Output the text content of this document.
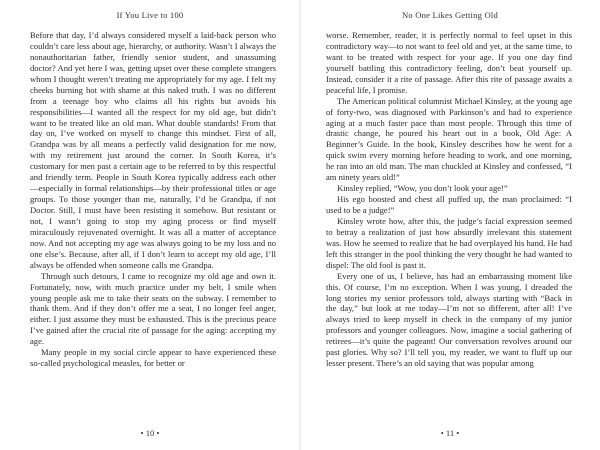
If You Live to 100

Before that day, I’d always considered myself a laid-back person who couldn’t care less about age, hierarchy, or authority. Wasn’t I always the nonauthoritarian father, friendly senior student, and unassuming doctor? And yet here I was, getting upset over these complete strangers whom I thought weren’t treating me appropriately for my age. I felt my cheeks burning hot with shame at this naked truth. I was no different from a teenage boy who claims all his rights but avoids his responsibilities—I wanted all the respect for my old age, but didn’t want to be treated like an old man. What double standards! From that day on, I’ve worked on myself to change this mindset. First of all, Grandpa was by all means a perfectly valid designation for me now, with my retirement just around the corner. In South Korea, it’s customary for men past a certain age to be referred to by this respectful and friendly term. People in South Korea typically address each other—especially in formal relationships—by their professional titles or age groups. To those younger than me, naturally, I’d be Grandpa, if not Doctor. Still, I must have been resisting it somehow. But resistant or not, I wasn’t going to stop my aging process or find myself miraculously rejuvenated overnight. It was all a matter of acceptance now. And not accepting my age was always going to be my loss and no one else’s. Because, after all, if I don’t learn to accept my old age, I’ll always be offended when someone calls me Grandpa.

Through such detours, I came to recognize my old age and own it. Fortunately, now, with much practice under my belt, I smile when young people ask me to take their seats on the subway. I remember to thank them. And if they don’t offer me a seat, I no longer feel anger, either. I just assume they must be exhausted. This is the precious peace I’ve gained after the crucial rite of passage for the aging: accepting my age.

Many people in my social circle appear to have experienced these so-called psychological measles, for better or

• 10 •
No One Likes Getting Old

worse. Remember, reader, it is perfectly normal to feel upset in this contradictory way—to not want to feel old and yet, at the same time, to want to be treated with respect for your age. If you one day find yourself battling this contradictory feeling, don’t beat yourself up. Instead, consider it a rite of passage. After this rite of passage awaits a peaceful life, I promise.

The American political columnist Michael Kinsley, at the young age of forty-two, was diagnosed with Parkinson’s and had to experience aging at a much faster pace than most people. Through this time of drastic change, he poured his heart out in a book, Old Age: A Beginner’s Guide. In the book, Kinsley describes how he went for a quick swim every morning before heading to work, and one morning, he ran into an old man. The man chuckled at Kinsley and confessed, “I am ninety years old!”

Kinsley replied, “Wow, you don’t look your age!”

His ego boosted and chest all puffed up, the man proclaimed: “I used to be a judge!”

Kinsley wrote how, after this, the judge’s facial expression seemed to betray a realization of just how absurdly irrelevant this statement was. How he seemed to realize that he had overplayed his hand. He had left this stranger in the pool thinking the very thought he had wanted to dispel: The old fool is past it.

Every one of us, I believe, has had an embarrassing moment like this. Of course, I’m no exception. When I was young, I dreaded the long stories my senior professors told, always starting with “Back in the day,” but look at me today—I’m not so different, after all! I’ve always tried to keep myself in check in the company of my junior professors and younger colleagues. Now, imagine a social gathering of retirees—it’s quite the pageant! Our conversation revolves around our past glories. Why so? I’ll tell you, my reader, we want to fluff up our lesser present. There’s an old saying that was popular among

• 11 •
